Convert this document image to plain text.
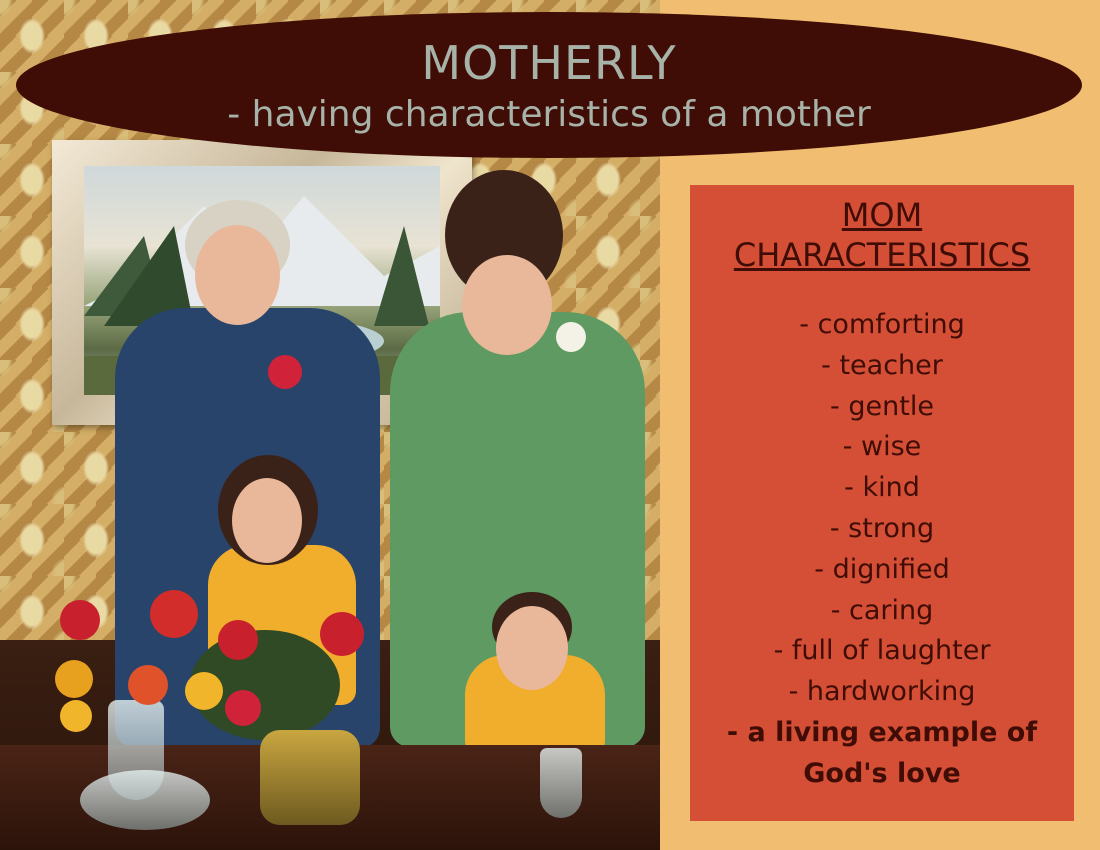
MOTHERLY
- having characteristics of a mother
MOM
CHARACTERISTICS
- comforting
- teacher
- gentle
- wise
- kind
- strong
- dignified
- caring
- full of laughter
- hardworking
- a living example of God's love
